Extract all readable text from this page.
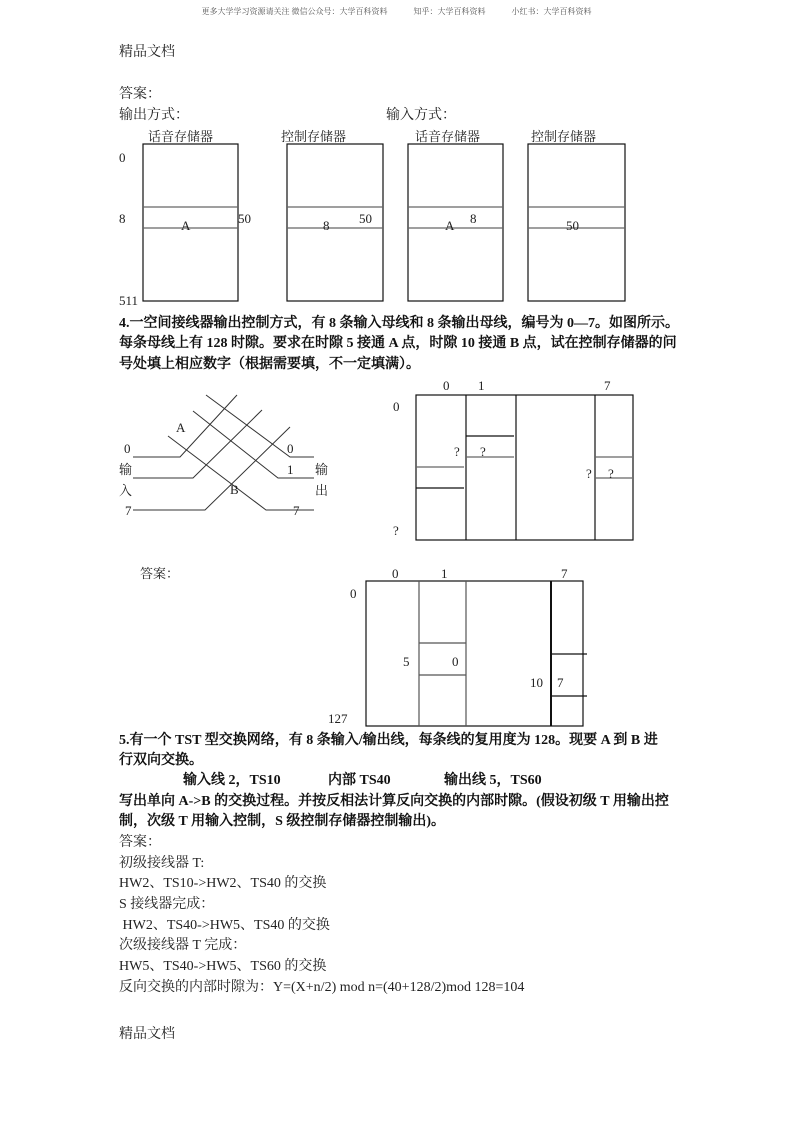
更多大学学习资源请关注 微信公众号：大学百科资料	知乎：大学百科资料	小红书：大学百科资料
精品文档
答案：
输出方式：	输入方式：
话音存储器	控制存储器	话音存储器	控制存储器
0
8
511
A	50	8 50	A 8	50
4.一空间接线器输出控制方式，有 8 条输入母线和 8 条输出母线，编号为 0—7。如图所示。
每条母线上有 128 时隙。要求在时隙 5 接通 A 点，时隙 10 接通 B 点，试在控制存储器的问
号处填上相应数字（根据需要填，不一定填满）。
0
输
入
7
0
1 输
出
7
A
B
0 1	7
0
?
? ?
? ?
答案：	0	1	7
0
127
5	0
10 7
5.有一个 TST 型交换网络，有 8 条输入/输出线，每条线的复用度为 128。现要 A 到 B 进
行双向交换。
输入线 2，TS10	内部 TS40	输出线 5，TS60
写出单向 A->B 的交换过程。并按反相法计算反向交换的内部时隙。(假设初级 T 用输出控
制，次级 T 用输入控制，S 级控制存储器控制输出)。
答案：
初级接线器 T:
HW2、TS10->HW2、TS40 的交换
S 接线器完成：
HW2、TS40->HW5、TS40 的交换
次级接线器 T 完成：
HW5、TS40->HW5、TS60 的交换
反向交换的内部时隙为：Y=(X+n/2) mod n=(40+128/2)mod 128=104
精品文档
